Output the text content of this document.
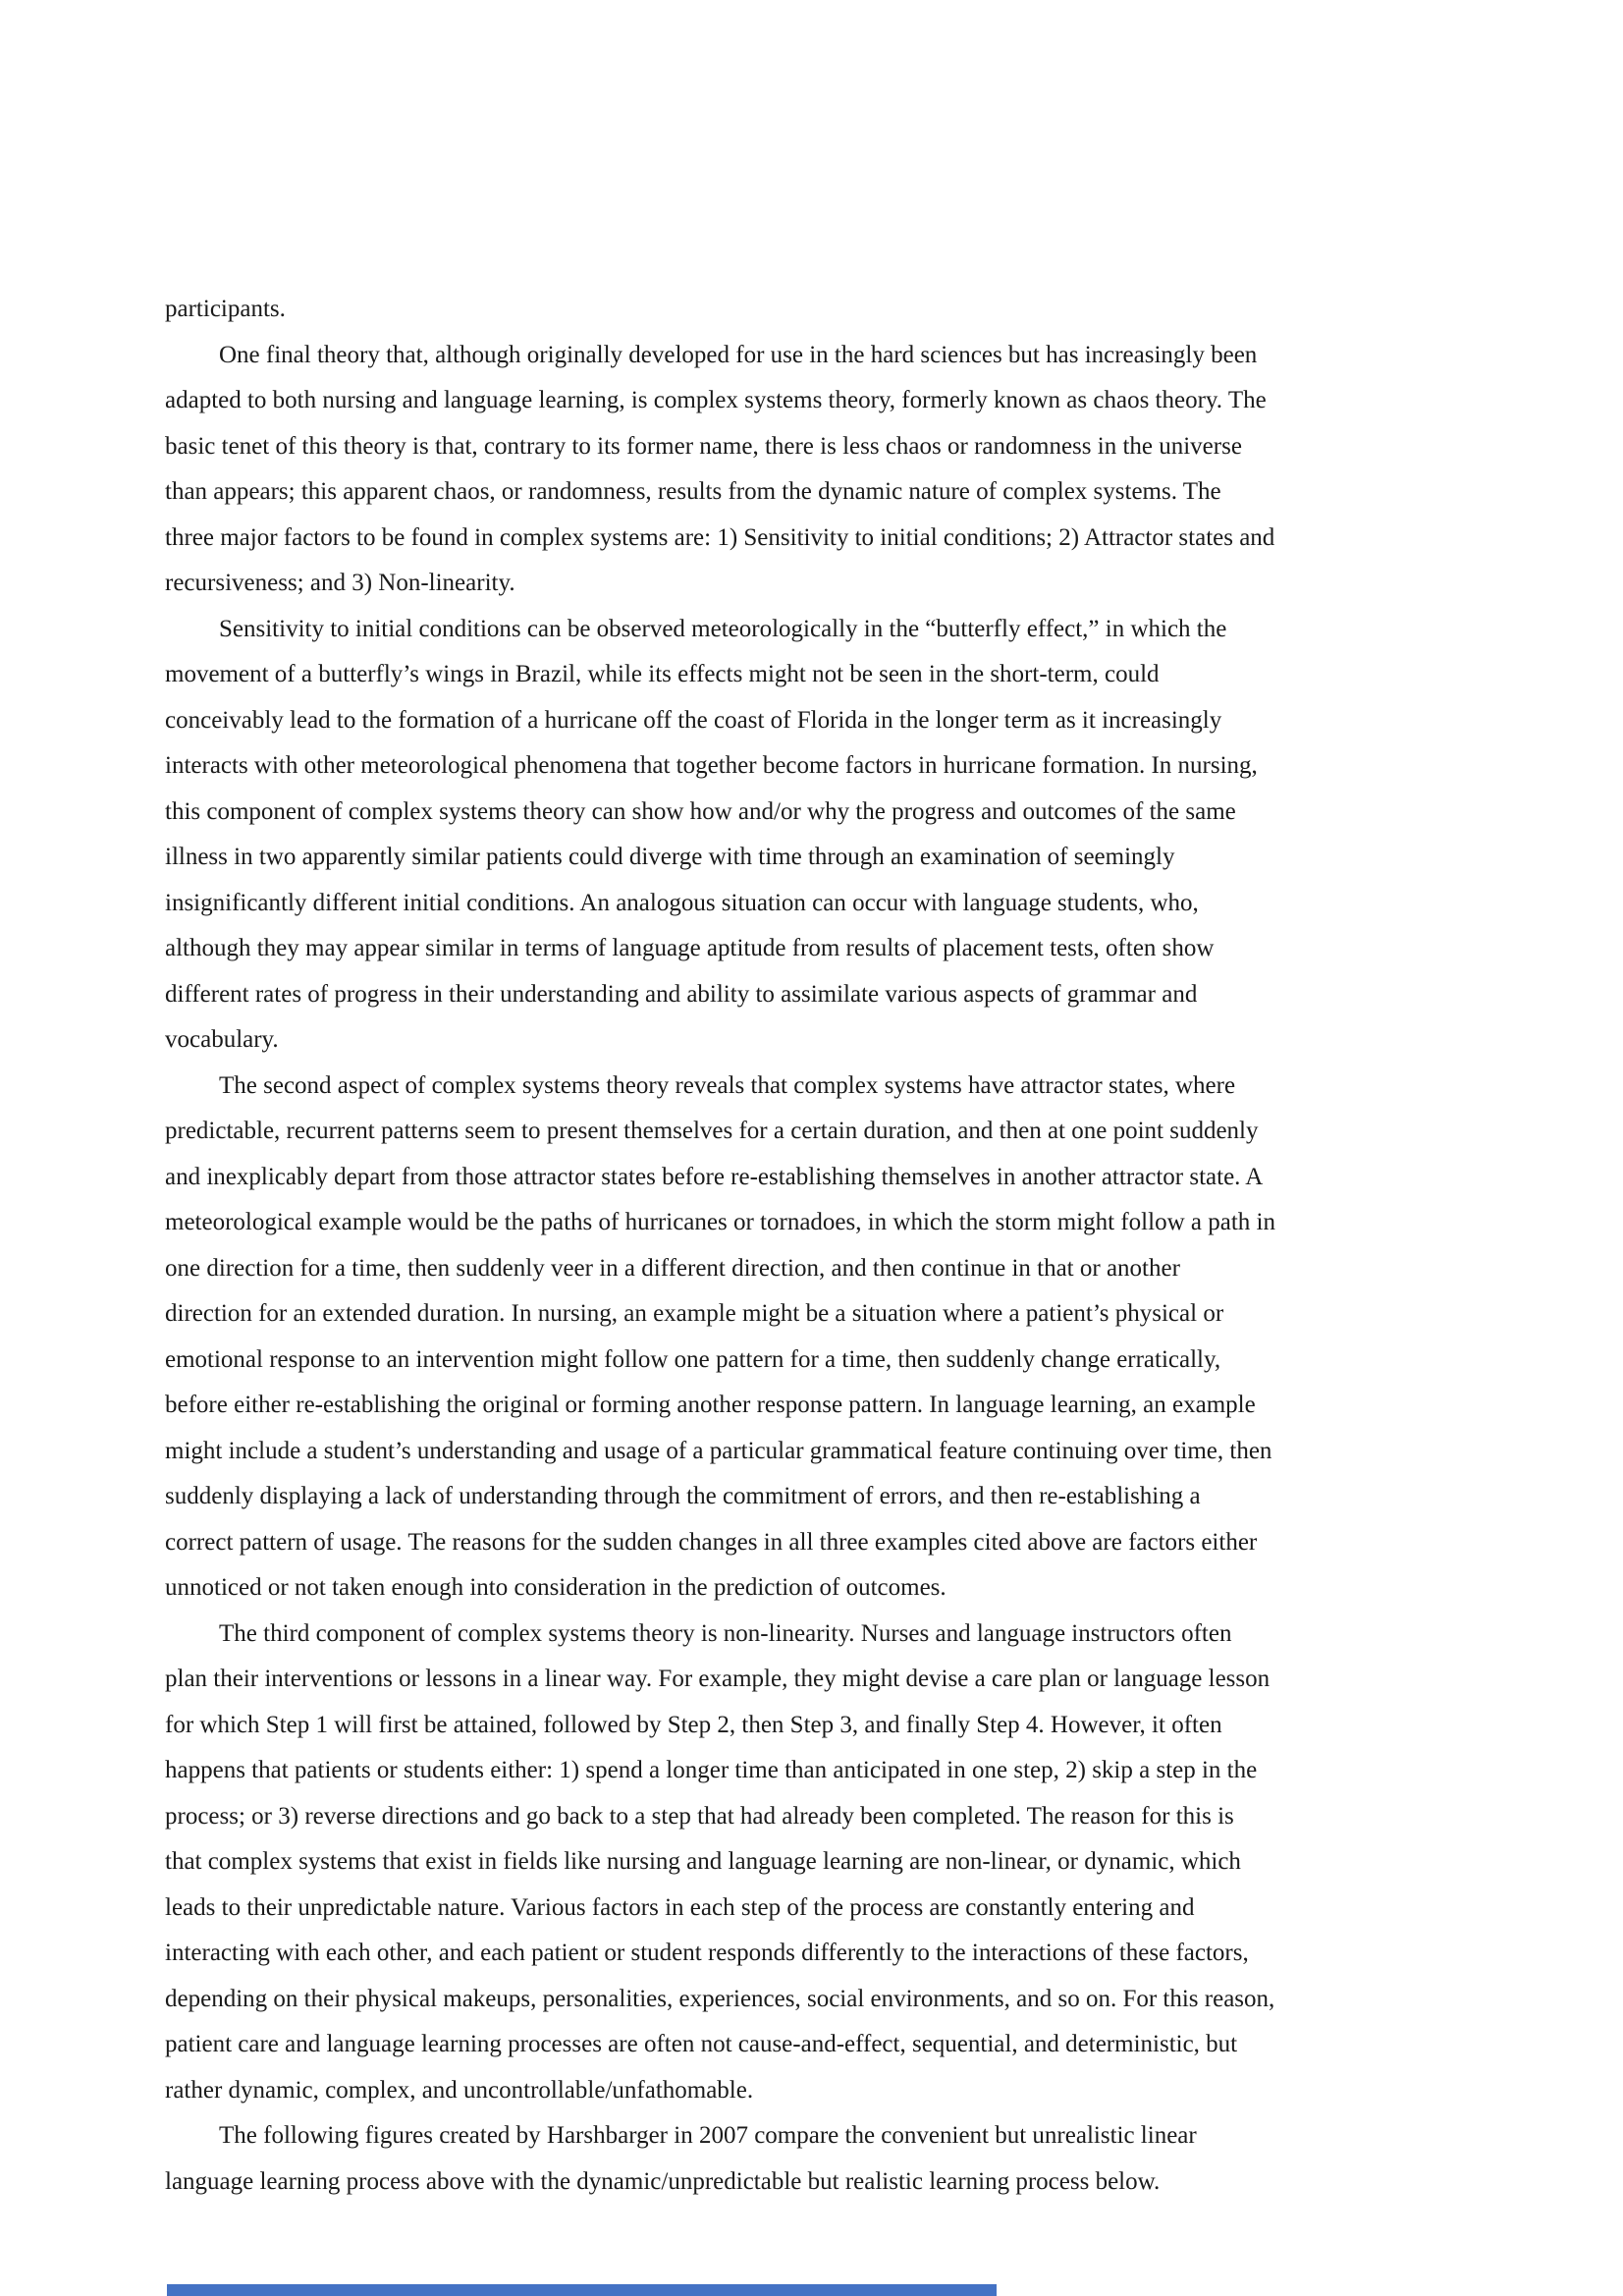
participants.
One final theory that, although originally developed for use in the hard sciences but has increasingly been
adapted to both nursing and language learning, is complex systems theory, formerly known as chaos theory. The
basic tenet of this theory is that, contrary to its former name, there is less chaos or randomness in the universe
than appears; this apparent chaos, or randomness, results from the dynamic nature of complex systems. The
three major factors to be found in complex systems are: 1) Sensitivity to initial conditions; 2) Attractor states and
recursiveness; and 3) Non-linearity.
Sensitivity to initial conditions can be observed meteorologically in the “butterfly effect,” in which the
movement of a butterfly’s wings in Brazil, while its effects might not be seen in the short-term, could
conceivably lead to the formation of a hurricane off the coast of Florida in the longer term as it increasingly
interacts with other meteorological phenomena that together become factors in hurricane formation. In nursing,
this component of complex systems theory can show how and/or why the progress and outcomes of the same
illness in two apparently similar patients could diverge with time through an examination of seemingly
insignificantly different initial conditions. An analogous situation can occur with language students, who,
although they may appear similar in terms of language aptitude from results of placement tests, often show
different rates of progress in their understanding and ability to assimilate various aspects of grammar and
vocabulary.
The second aspect of complex systems theory reveals that complex systems have attractor states, where
predictable, recurrent patterns seem to present themselves for a certain duration, and then at one point suddenly
and inexplicably depart from those attractor states before re-establishing themselves in another attractor state. A
meteorological example would be the paths of hurricanes or tornadoes, in which the storm might follow a path in
one direction for a time, then suddenly veer in a different direction, and then continue in that or another
direction for an extended duration. In nursing, an example might be a situation where a patient’s physical or
emotional response to an intervention might follow one pattern for a time, then suddenly change erratically,
before either re-establishing the original or forming another response pattern. In language learning, an example
might include a student’s understanding and usage of a particular grammatical feature continuing over time, then
suddenly displaying a lack of understanding through the commitment of errors, and then re-establishing a
correct pattern of usage. The reasons for the sudden changes in all three examples cited above are factors either
unnoticed or not taken enough into consideration in the prediction of outcomes.
The third component of complex systems theory is non-linearity. Nurses and language instructors often
plan their interventions or lessons in a linear way. For example, they might devise a care plan or language lesson
for which Step 1 will first be attained, followed by Step 2, then Step 3, and finally Step 4. However, it often
happens that patients or students either: 1) spend a longer time than anticipated in one step, 2) skip a step in the
process; or 3) reverse directions and go back to a step that had already been completed. The reason for this is
that complex systems that exist in fields like nursing and language learning are non-linear, or dynamic, which
leads to their unpredictable nature. Various factors in each step of the process are constantly entering and
interacting with each other, and each patient or student responds differently to the interactions of these factors,
depending on their physical makeups, personalities, experiences, social environments, and so on. For this reason,
patient care and language learning processes are often not cause-and-effect, sequential, and deterministic, but
rather dynamic, complex, and uncontrollable/unfathomable.
The following figures created by Harshbarger in 2007 compare the convenient but unrealistic linear
language learning process above with the dynamic/unpredictable but realistic learning process below.
